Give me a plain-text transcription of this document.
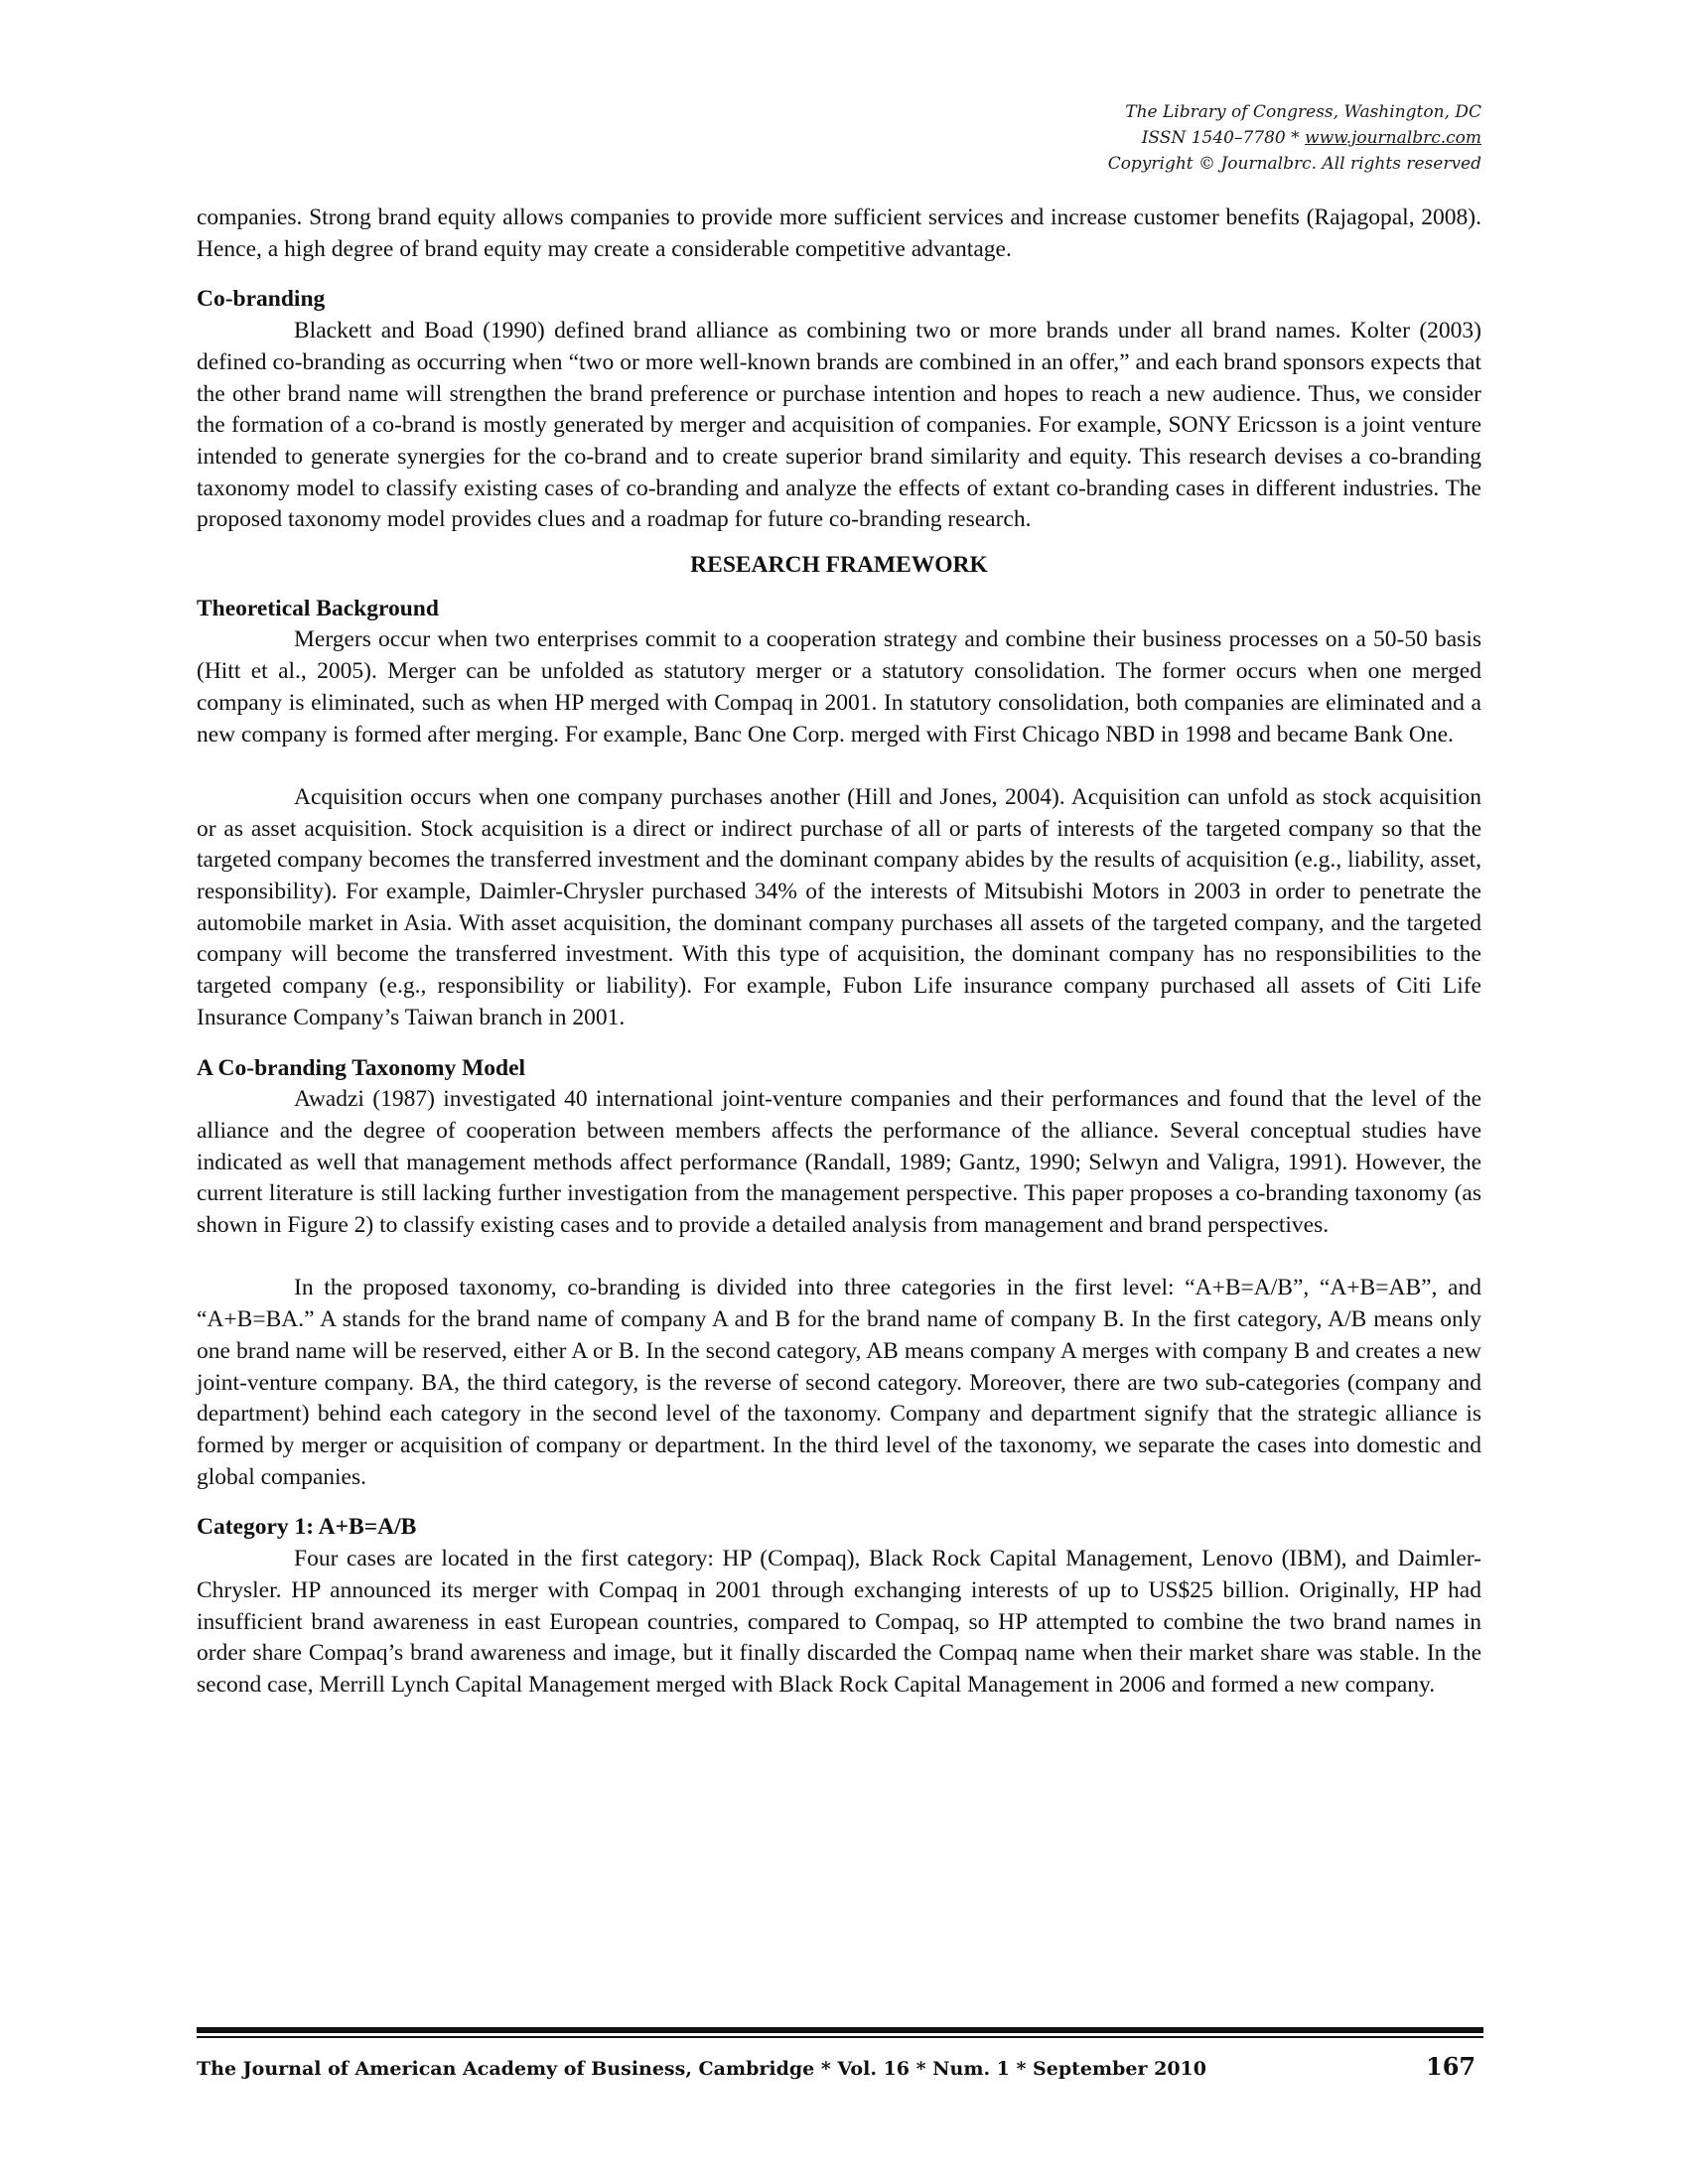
The Library of Congress, Washington, DC
ISSN 1540–7780 * www.journalbrc.com
Copyright © Journalbrc. All rights reserved

companies. Strong brand equity allows companies to provide more sufficient services and increase customer benefits (Rajagopal, 2008). Hence, a high degree of brand equity may create a considerable competitive advantage.

Co-branding

Blackett and Boad (1990) defined brand alliance as combining two or more brands under all brand names. Kolter (2003) defined co-branding as occurring when “two or more well-known brands are combined in an offer,” and each brand sponsors expects that the other brand name will strengthen the brand preference or purchase intention and hopes to reach a new audience. Thus, we consider the formation of a co-brand is mostly generated by merger and acquisition of companies. For example, SONY Ericsson is a joint venture intended to generate synergies for the co-brand and to create superior brand similarity and equity. This research devises a co-branding taxonomy model to classify existing cases of co-branding and analyze the effects of extant co-branding cases in different industries. The proposed taxonomy model provides clues and a roadmap for future co-branding research.

RESEARCH FRAMEWORK
Theoretical Background

Mergers occur when two enterprises commit to a cooperation strategy and combine their business processes on a 50-50 basis (Hitt et al., 2005). Merger can be unfolded as statutory merger or a statutory consolidation. The former occurs when one merged company is eliminated, such as when HP merged with Compaq in 2001. In statutory consolidation, both companies are eliminated and a new company is formed after merging. For example, Banc One Corp. merged with First Chicago NBD in 1998 and became Bank One.

Acquisition occurs when one company purchases another (Hill and Jones, 2004). Acquisition can unfold as stock acquisition or as asset acquisition. Stock acquisition is a direct or indirect purchase of all or parts of interests of the targeted company so that the targeted company becomes the transferred investment and the dominant company abides by the results of acquisition (e.g., liability, asset, responsibility). For example, Daimler-Chrysler purchased 34% of the interests of Mitsubishi Motors in 2003 in order to penetrate the automobile market in Asia. With asset acquisition, the dominant company purchases all assets of the targeted company, and the targeted company will become the transferred investment. With this type of acquisition, the dominant company has no responsibilities to the targeted company (e.g., responsibility or liability). For example, Fubon Life insurance company purchased all assets of Citi Life Insurance Company’s Taiwan branch in 2001.

A Co-branding Taxonomy Model

Awadzi (1987) investigated 40 international joint-venture companies and their performances and found that the level of the alliance and the degree of cooperation between members affects the performance of the alliance. Several conceptual studies have indicated as well that management methods affect performance (Randall, 1989; Gantz, 1990; Selwyn and Valigra, 1991). However, the current literature is still lacking further investigation from the management perspective. This paper proposes a co-branding taxonomy (as shown in Figure 2) to classify existing cases and to provide a detailed analysis from management and brand perspectives.

In the proposed taxonomy, co-branding is divided into three categories in the first level: “A+B=A/B”, “A+B=AB”, and “A+B=BA.” A stands for the brand name of company A and B for the brand name of company B. In the first category, A/B means only one brand name will be reserved, either A or B. In the second category, AB means company A merges with company B and creates a new joint-venture company. BA, the third category, is the reverse of second category. Moreover, there are two sub-categories (company and department) behind each category in the second level of the taxonomy. Company and department signify that the strategic alliance is formed by merger or acquisition of company or department. In the third level of the taxonomy, we separate the cases into domestic and global companies.

Category 1: A+B=A/B

Four cases are located in the first category: HP (Compaq), Black Rock Capital Management, Lenovo (IBM), and Daimler-Chrysler. HP announced its merger with Compaq in 2001 through exchanging interests of up to US$25 billion. Originally, HP had insufficient brand awareness in east European countries, compared to Compaq, so HP attempted to combine the two brand names in order share Compaq’s brand awareness and image, but it finally discarded the Compaq name when their market share was stable. In the second case, Merrill Lynch Capital Management merged with Black Rock Capital Management in 2006 and formed a new company.

The Journal of American Academy of Business, Cambridge * Vol. 16 * Num. 1 * September 2010	167
